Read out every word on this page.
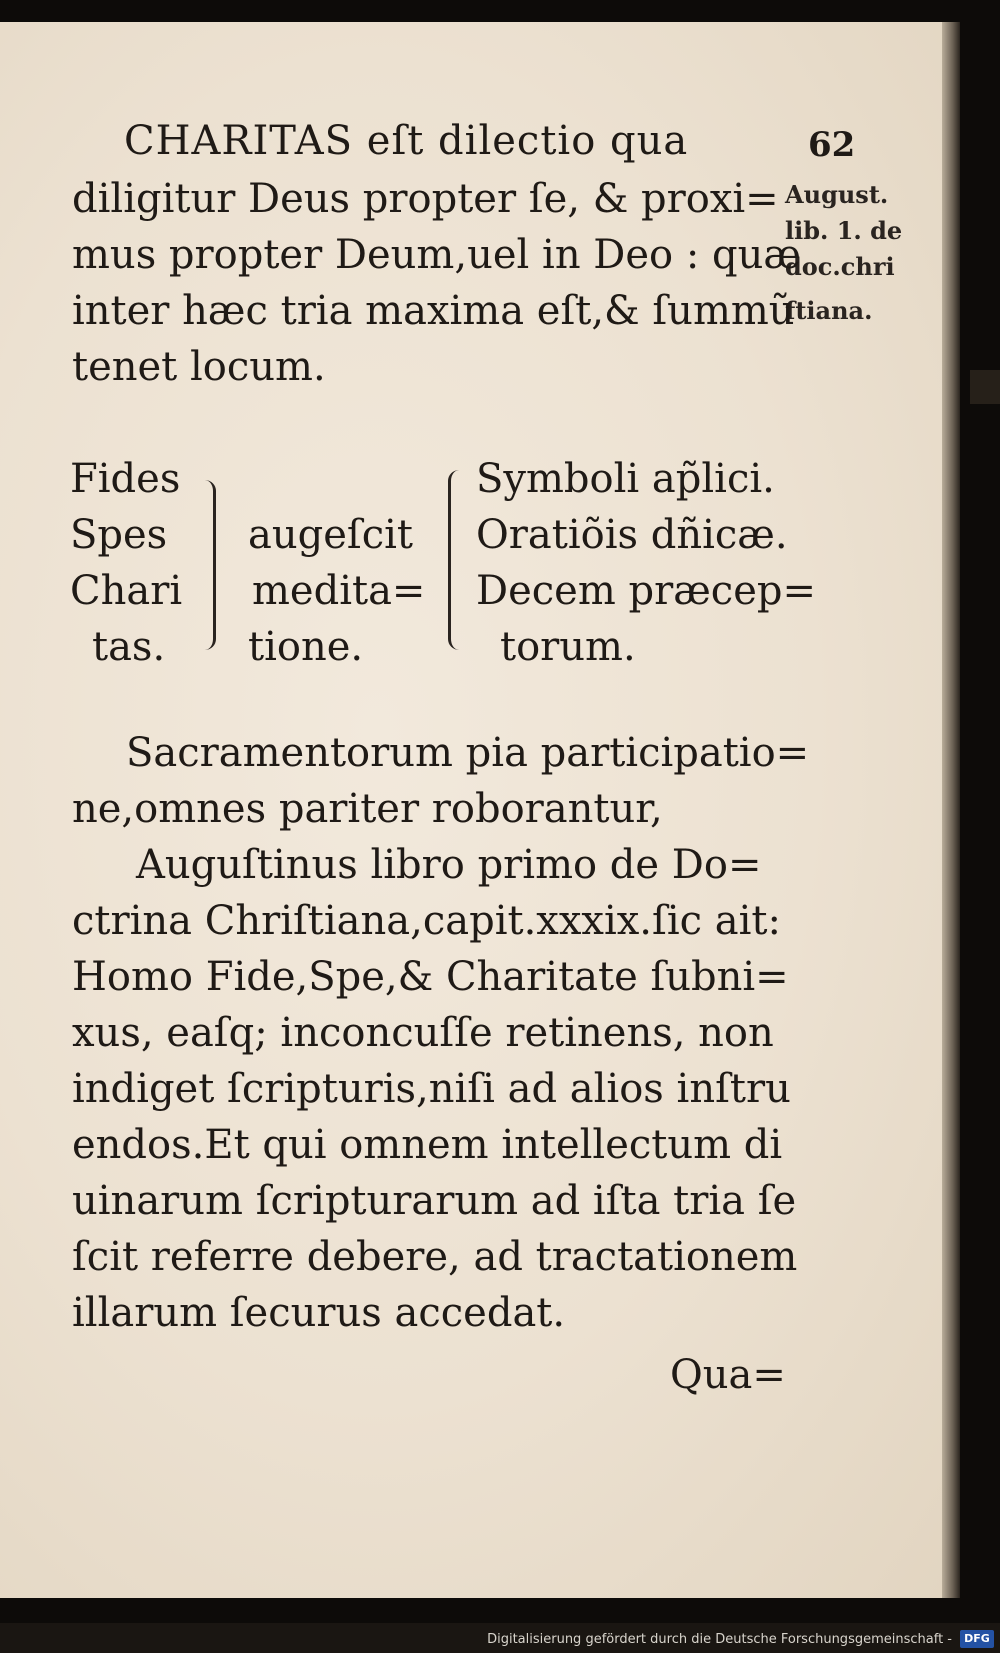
62
August.
lib. 1. de
doc.chri
ftiana.
CHARITAS eſt dilectio qua
diligitur Deus propter ſe, & proxi=
mus propter Deum,uel in Deo : quæ
inter hæc tria maxima eſt,& ſummũ
tenet locum.
Fides
Spes
Chari
tas.
augeſcit
medita=
tione.
Symboli ap̃lici.
Oratiõis dñicæ.
Decem præcep=
torum.
Sacramentorum pia participatio=
ne,omnes pariter roborantur,
Auguſtinus libro primo de Do=
ctrina Chriſtiana,capit.xxxix.ſic ait:
Homo Fide,Spe,& Charitate ſubni=
xus, eaſq; inconcuſſe retinens, non
indiget ſcripturis,niſi ad alios inſtru
endos.Et qui omnem intellectum di
uinarum ſcripturarum ad iſta tria ſe
ſcit referre debere, ad tractationem
illarum ſecurus accedat.
Qua=
Digitalisierung gefördert durch die Deutsche Forschungsgemeinschaft -	DFG
